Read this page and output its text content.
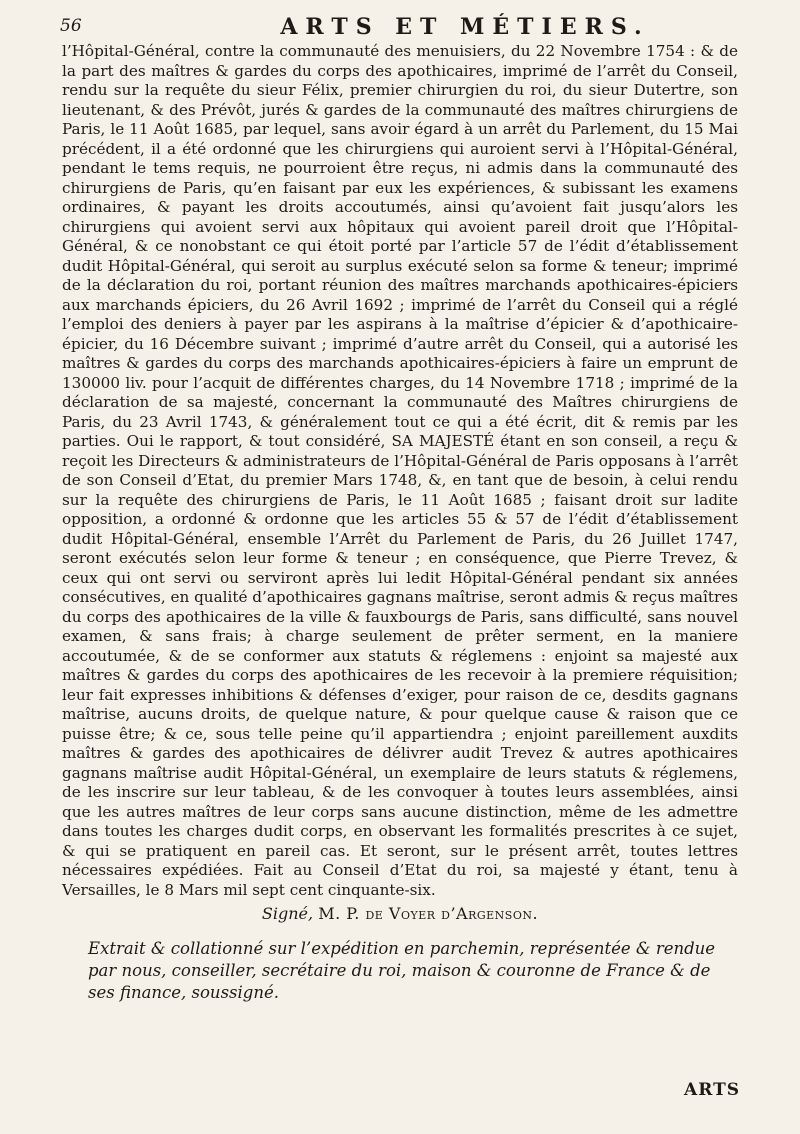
56	ARTS ET MÉTIERS.

l’Hôpital-Général, contre la communauté des menuisiers, du 22 Novembre 1754 : & de la part des maîtres & gardes du corps des apothicaires, imprimé de l’arrêt du Conseil, rendu sur la requête du sieur Félix, premier chirurgien du roi, du sieur Dutertre, son lieutenant, & des Prévôt, jurés & gardes de la communauté des maîtres chirurgiens de Paris, le 11 Août 1685, par lequel, sans avoir égard à un arrêt du Parlement, du 15 Mai précédent, il a été ordonné que les chirurgiens qui auroient servi à l’Hôpital-Général, pendant le tems requis, ne pourroient être reçus, ni admis dans la communauté des chirurgiens de Paris, qu’en faisant par eux les expériences, & subissant les examens ordinaires, & payant les droits accoutumés, ainsi qu’avoient fait jusqu’alors les chirurgiens qui avoient servi aux hôpitaux qui avoient pareil droit que l’Hôpital-Général, & ce nonobstant ce qui étoit porté par l’article 57 de l’édit d’établissement dudit Hôpital-Général, qui seroit au surplus exécuté selon sa forme & teneur; imprimé de la déclaration du roi, portant réunion des maîtres marchands apothicaires-épiciers aux marchands épiciers, du 26 Avril 1692 ; imprimé de l’arrêt du Conseil qui a réglé l’emploi des deniers à payer par les aspirans à la maîtrise d’épicier & d’apothicaire-épicier, du 16 Décembre suivant ; imprimé d’autre arrêt du Conseil, qui a autorisé les maîtres & gardes du corps des marchands apothicaires-épiciers à faire un emprunt de 130000 liv. pour l’acquit de différentes charges, du 14 Novembre 1718 ; imprimé de la déclaration de sa majesté, concernant la communauté des Maîtres chirurgiens de Paris, du 23 Avril 1743, & généralement tout ce qui a été écrit, dit & remis par les parties. Oui le rapport, & tout considéré, SA MAJESTÉ étant en son conseil, a reçu & reçoit les Directeurs & administrateurs de l’Hôpital-Général de Paris opposans à l’arrêt de son Conseil d’Etat, du premier Mars 1748, &, en tant que de besoin, à celui rendu sur la requête des chirurgiens de Paris, le 11 Août 1685 ; faisant droit sur ladite opposition, a ordonné & ordonne que les articles 55 & 57 de l’édit d’établissement dudit Hôpital-Général, ensemble l’Arrêt du Parlement de Paris, du 26 Juillet 1747, seront exécutés selon leur forme & teneur ; en conséquence, que Pierre Trevez, & ceux qui ont servi ou serviront après lui ledit Hôpital-Général pendant six années consécutives, en qualité d’apothicaires gagnans maîtrise, seront admis & reçus maîtres du corps des apothicaires de la ville & fauxbourgs de Paris, sans difficulté, sans nouvel examen, & sans frais; à charge seulement de prêter serment, en la maniere accoutumée, & de se conformer aux statuts & réglemens : enjoint sa majesté aux maîtres & gardes du corps des apothicaires de les recevoir à la premiere réquisition; leur fait expresses inhibitions & défenses d’exiger, pour raison de ce, desdits gagnans maîtrise, aucuns droits, de quelque nature, & pour quelque cause & raison que ce puisse être; & ce, sous telle peine qu’il appartiendra ; enjoint pareillement auxdits maîtres & gardes des apothicaires de délivrer audit Trevez & autres apothicaires gagnans maîtrise audit Hôpital-Général, un exemplaire de leurs statuts & réglemens, de les inscrire sur leur tableau, & de les convoquer à toutes leurs assemblées, ainsi que les autres maîtres de leur corps sans aucune distinction, même de les admettre dans toutes les charges dudit corps, en observant les formalités prescrites à ce sujet, & qui se pratiquent en pareil cas. Et seront, sur le présent arrêt, toutes lettres nécessaires expédiées. Fait au Conseil d’Etat du roi, sa majesté y étant, tenu à Versailles, le 8 Mars mil sept cent cinquante-six.

Signé, M. P. de Voyer d’Argenson.
Extrait & collationné sur l’expédition en parchemin, représentée & rendue par nous, conseiller, secrétaire du roi, maison & couronne de France & de ses finance, soussigné.
ARTS
